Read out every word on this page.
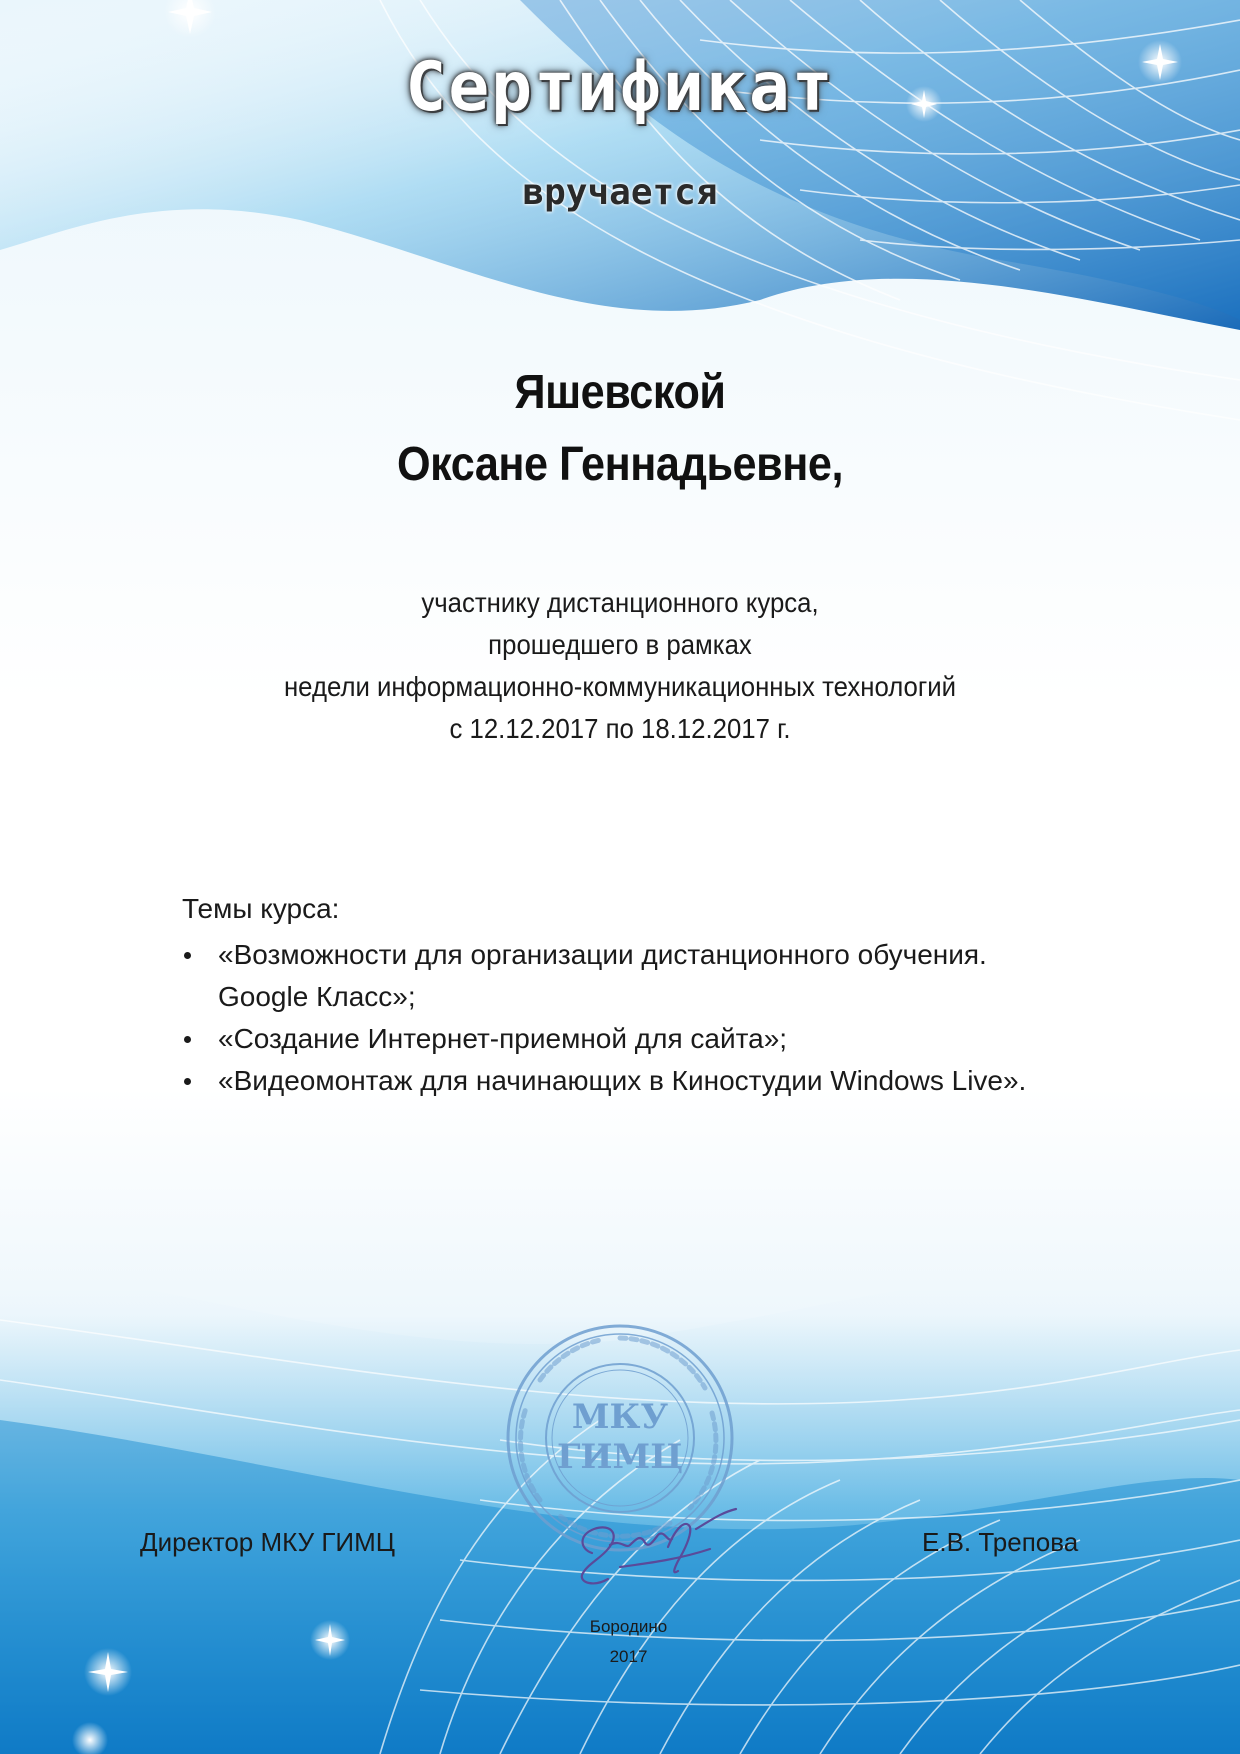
Сертификат
вручается
Яшевской
Оксане Геннадьевне,
участнику дистанционного курса,
прошедшего в рамках
недели информационно-коммуникационных технологий
с 12.12.2017 по 18.12.2017 г.
Темы курса:
«Возможности для организации дистанционного обучения.
Google Класс»;
«Создание Интернет-приемной для сайта»;
«Видеомонтаж для начинающих в Киностудии Windows Live».
МКУ
ГИМЦ
Директор МКУ ГИМЦ	Е.В. Трепова
Бородино
2017
